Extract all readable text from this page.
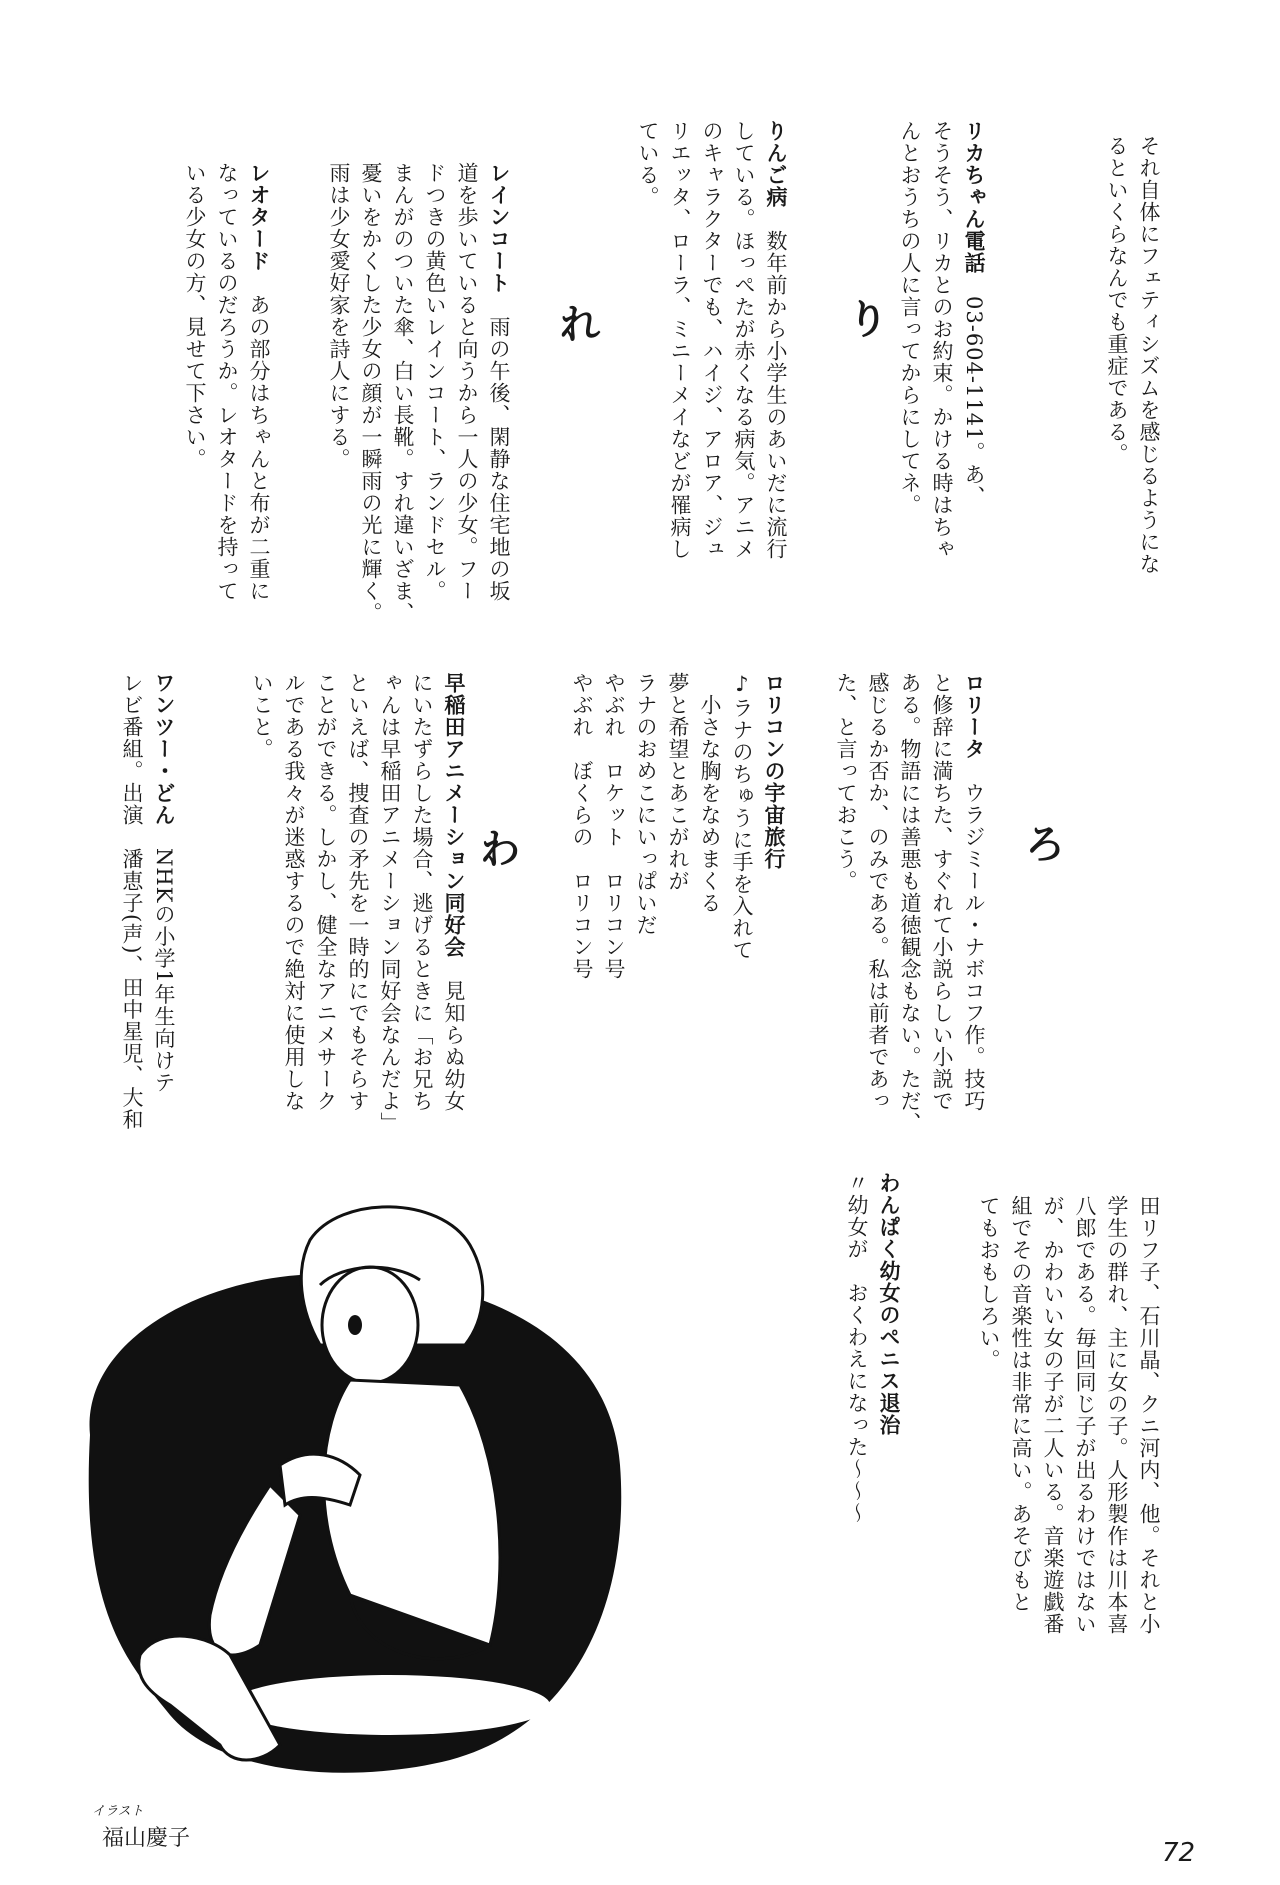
それ自体にフェティシズムを感じるようにな
るといくらなんでも重症である。
り
リカちゃん電話　03-604-1141。あ、
そうそう、リカとのお約束。かける時はちゃ
んとおうちの人に言ってからにしてネ。
りんご病　数年前から小学生のあいだに流行
している。ほっぺたが赤くなる病気。アニメ
のキャラクターでも、ハイジ、アロア、ジュ
リエッタ、ローラ、ミニーメイなどが罹病し
ている。
れ
レインコート　雨の午後、閑静な住宅地の坂
道を歩いていると向うから一人の少女。フー
ドつきの黄色いレインコート、ランドセル。
まんがのついた傘、白い長靴。すれ違いざま、
憂いをかくした少女の顔が一瞬雨の光に輝く。
雨は少女愛好家を詩人にする。
レオタード　あの部分はちゃんと布が二重に
なっているのだろうか。レオタードを持って
いる少女の方、見せて下さい。
ろ
ロリータ　ウラジミール・ナボコフ作。技巧
と修辞に満ちた、すぐれて小説らしい小説で
ある。物語には善悪も道徳観念もない。ただ、
感じるか否か、のみである。私は前者であっ
た、と言っておこう。
ロリコンの宇宙旅行
♪ラナのちゅうに手を入れて
小さな胸をなめまくる
夢と希望とあこがれが
ラナのおめこにいっぱいだ
やぶれ　ロケット　ロリコン号
やぶれ　ぼくらの　ロリコン号
わ
早稲田アニメーション同好会　見知らぬ幼女
にいたずらした場合、逃げるときに「お兄ち
ゃんは早稲田アニメーション同好会なんだよ」
といえば、捜査の矛先を一時的にでもそらす
ことができる。しかし、健全なアニメサーク
ルである我々が迷惑するので絶対に使用しな
いこと。
ワンツー・どん　NHKの小学1年生向けテ
レビ番組。出演　潘恵子(声)、田中星児、大和
田リフ子、石川晶、クニ河内、他。それと小
学生の群れ、主に女の子。人形製作は川本喜
八郎である。毎回同じ子が出るわけではない
が、かわいい女の子が二人いる。音楽遊戯番
組でその音楽性は非常に高い。あそびもと
てもおもしろい。
わんぱく幼女のペニス退治
〃幼女が　おくわえになった〜〜〜
イラスト
福山慶子	72
